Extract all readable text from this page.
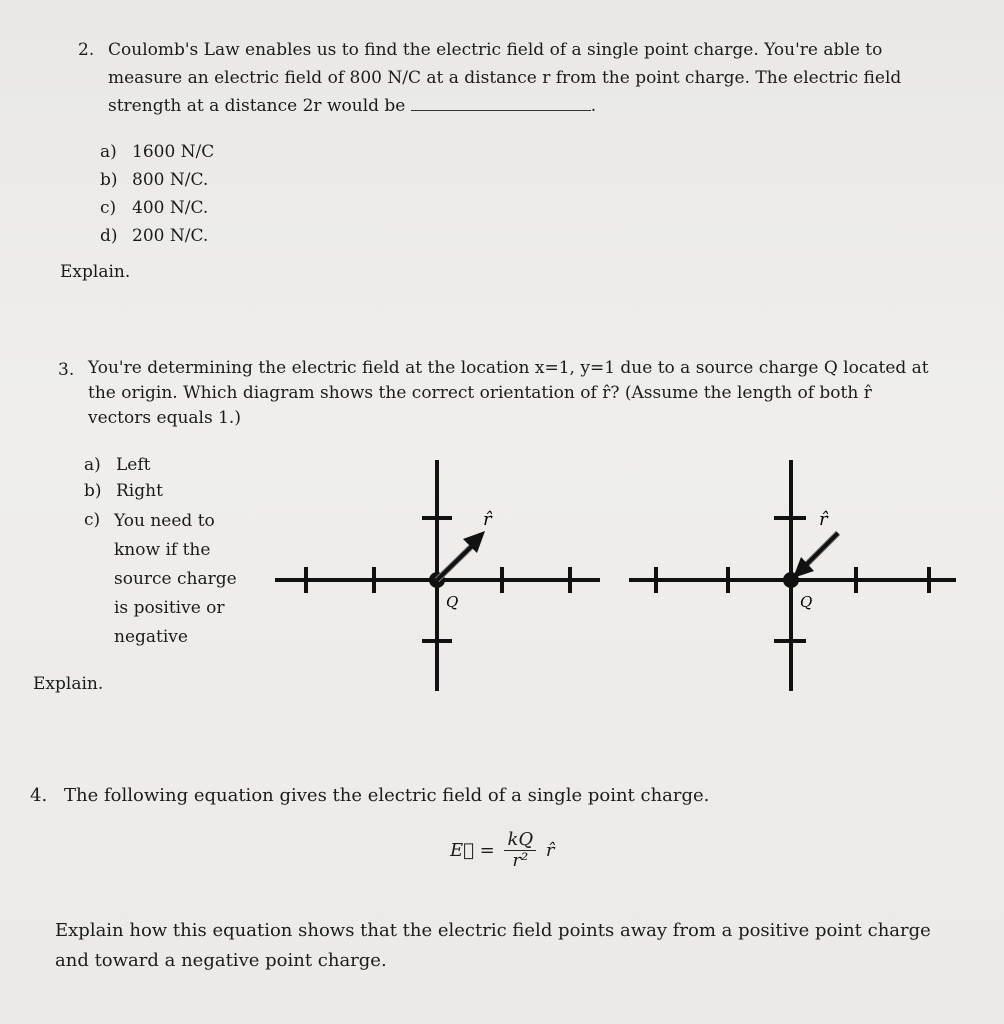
2. Coulomb's Law enables us to find the electric field of a single point charge. You're able to
measure an electric field of 800 N/C at a distance r from the point charge. The electric field
strength at a distance 2r would be	.
a) 1600 N/C
b) 800 N/C.
c) 400 N/C.
d) 200 N/C.
Explain.
3. You're determining the electric field at the location x=1, y=1 due to a source charge Q located at
the origin. Which diagram shows the correct orientation of r̂? (Assume the length of both r̂
vectors equals 1.)
a) Left
b) Right
c) You need to know if the source charge is positive or negative
Explain.
Q
r̂
Q
r̂
4. The following equation gives the electric field of a single point charge.
E⃗ = $\frac{kQ}{\text{r²}}$ r̂
Explain how this equation shows that the electric field points away from a positive point charge
and toward a negative point charge.
